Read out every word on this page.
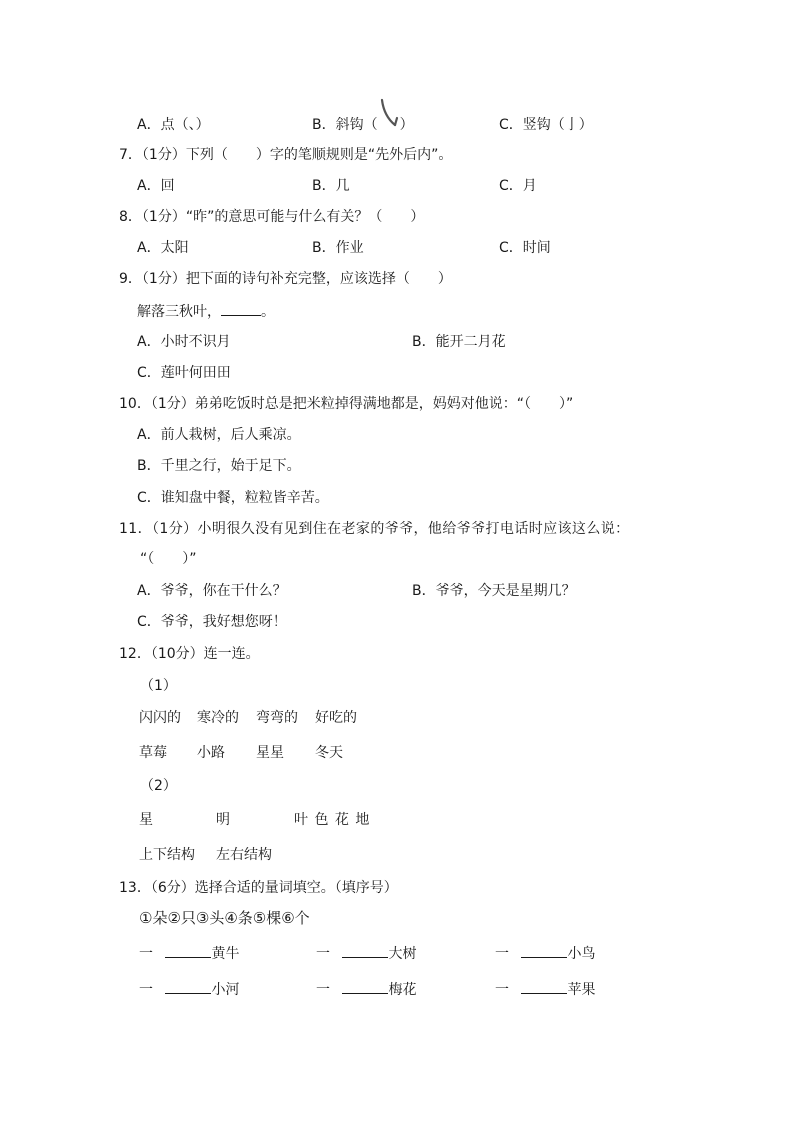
A．点（、）	B．斜钩（ ）	C．竖钩（亅）
7．（1分）下列（　　）字的笔顺规则是“先外后内”。
A．回	B．几	C．月
8．（1分）“昨”的意思可能与什么有关？（　　）
A．太阳	B．作业	C．时间
9．（1分）把下面的诗句补充完整，应该选择（　　）
解落三秋叶，	。
A．小时不识月	B．能开二月花
C．莲叶何田田
10．（1分）弟弟吃饭时总是把米粒掉得满地都是，妈妈对他说：“（　　）”
A．前人栽树，后人乘凉。
B．千里之行，始于足下。
C．谁知盘中餐，粒粒皆辛苦。
11．（1分）小明很久没有见到住在老家的爷爷，他给爷爷打电话时应该这么说：
“（　　）”
A．爷爷，你在干什么？	B．爷爷，今天是星期几？
C．爷爷，我好想您呀！
12．（10分）连一连。
（1）
闪闪的 寒冷的 弯弯的 好吃的
草莓 小路 星星 冬天
（2）
星	明	叶 色 花 地
上下结构 左右结构
13．（6分）选择合适的量词填空。（填序号）
①朵②只③头④条⑤棵⑥个
一	黄牛	一	大树	一	小鸟
一	小河	一	梅花	一	苹果
